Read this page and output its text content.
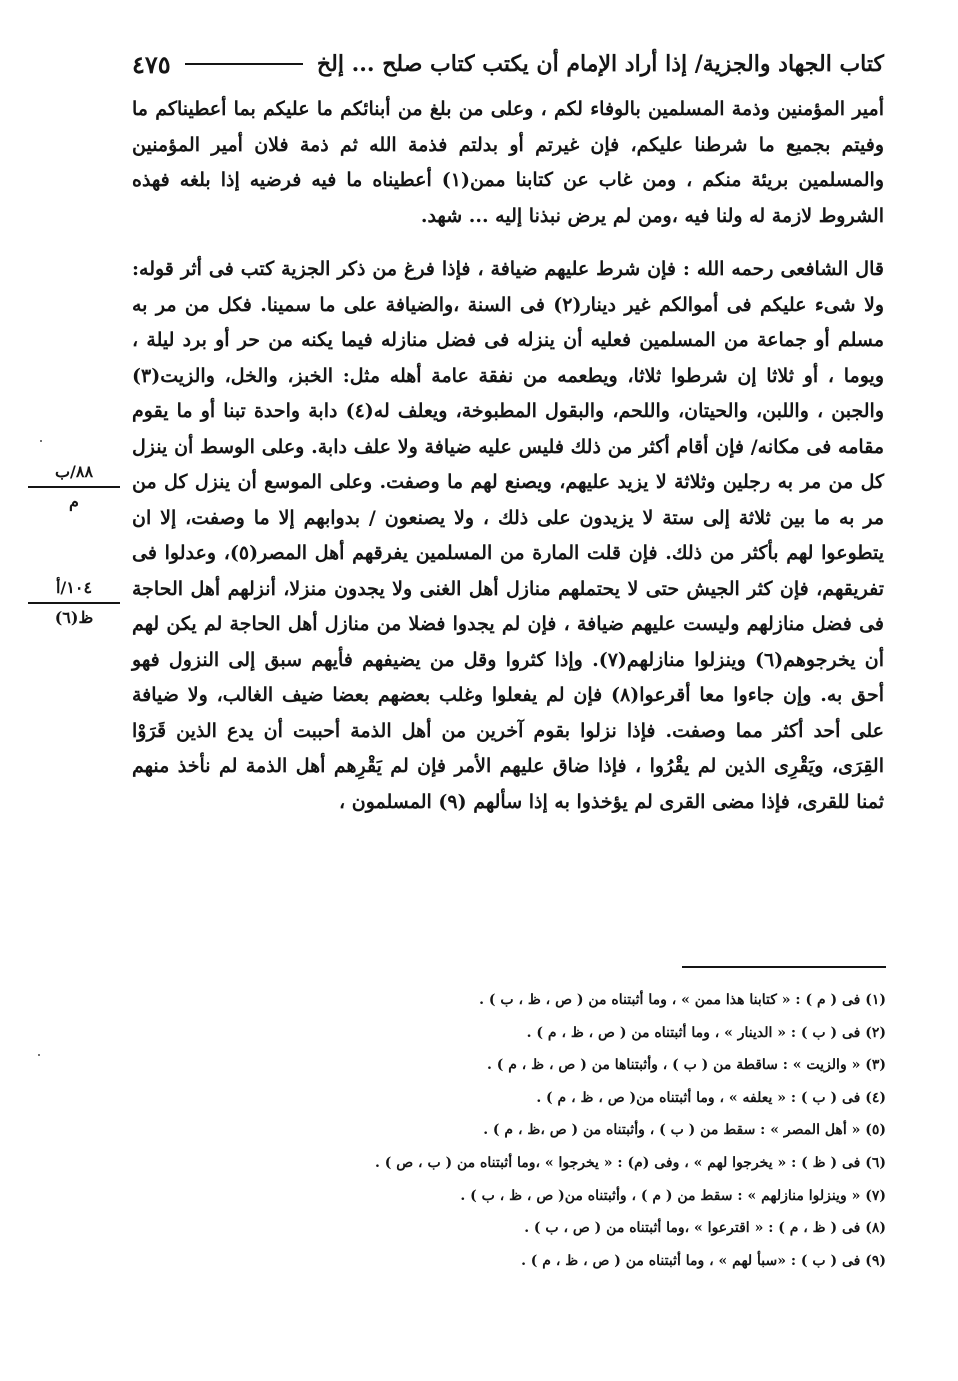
كتاب الجهاد والجزية/ إذا أراد الإمام أن يكتب كتاب صلح ... إلخ
٤٧٥

أمير المؤمنين وذمة المسلمين بالوفاء لكم ، وعلى من بلغ من أبنائكم ما عليكم بما أعطيناكم ما وفيتم بجميع ما شرطنا عليكم، فإن غيرتم أو بدلتم فذمة الله ثم ذمة فلان أمير المؤمنين والمسلمين بريئة منكم ، ومن غاب عن كتابنا ممن(١) أعطيناه ما فيه فرضيه إذا بلغه فهذه الشروط لازمة له ولنا فيه ،ومن لم يرض نبذنا إليه ... شهد.

قال الشافعى رحمه الله : فإن شرط عليهم ضيافة ، فإذا فرغ من ذكر الجزية كتب فى أثر قوله: ولا شىء عليكم فى أموالكم غير دينار(٢) فى السنة ،والضيافة على ما سمينا. فكل من مر به مسلم أو جماعة من المسلمين فعليه أن ينزله فى فضل منازله فيما يكنه من حر أو برد ليلة ، ويوما ، أو ثلاثا إن شرطوا ثلاثا، ويطعمه من نفقة عامة أهله مثل: الخبز، والخل، والزيت(٣) والجبن ، واللبن، والحيتان، واللحم، والبقول المطبوخة، ويعلف له(٤) دابة واحدة تبنا أو ما يقوم مقامه فى مكانه/ فإن أقام أكثر من ذلك فليس عليه ضيافة ولا علف دابة. وعلى الوسط أن ينزل كل من مر به رجلين وثلاثة لا يزيد عليهم، ويصنع لهم ما وصفت. وعلى الموسع أن ينزل كل من مر به ما بين ثلاثة إلى ستة لا يزيدون على ذلك ، ولا يصنعون / بدوابهم إلا ما وصفت، إلا ان يتطوعوا لهم بأكثر من ذلك. فإن قلت المارة من المسلمين يفرقهم أهل المصر(٥)، وعدلوا فى تفريقهم، فإن كثر الجيش حتى لا يحتملهم منازل أهل الغنى ولا يجدون منزلا، أنزلهم أهل الحاجة فى فضل منازلهم وليست عليهم ضيافة ، فإن لم يجدوا فضلا من منازل أهل الحاجة لم يكن لهم أن يخرجوهم(٦) وينزلوا منازلهم(٧). وإذا كثروا وقل من يضيفهم فأيهم سبق إلى النزول فهو أحق به. وإن جاءوا معا أقرعوا(٨) فإن لم يفعلوا وغلب بعضهم بعضا ضيف الغالب، ولا ضيافة على أحد أكثر مما وصفت. فإذا نزلوا بقوم آخرين من أهل الذمة أحببت أن يدع الذين قَرَوْا القِرَى، ويَقْرِى الذين لم يقْرُوا ، فإذا ضاق عليهم الأمر فإن لم يَقْرِهم أهل الذمة لم نأخذ منهم ثمنا للقرى، فإذا مضى القرى لم يؤخذوا به إذا سألهم (٩) المسلمون ،

٨٨/ب
م
١٠٤/أ
ظ(٦)
(١) فى ( م ) : « كتابنا هذا ممن » ، وما أثبتناه من ( ص ، ظ ، ب ) .
(٢) فى ( ب ) : « الدينار » ، وما أثبتناه من ( ص ، ظ ، م ) .
(٣) « والزيت » : ساقطة من ( ب ) ، وأثبتناها من ( ص ، ظ ، م ) .
(٤) فى ( ب ) : « يعلفه » ، وما أثبتناه من( ص ، ظ ، م ) .
(٥) « أهل المصر » : سقط من ( ب ) ، وأثبتناه من ( ص ،ظ ، م ) .
(٦) فى ( ظ ) : « يخرجوا لهم » ، وفى (م) : « يخرجوا » ،وما أثبتناه من ( ب ، ص ) .
(٧) « وينزلوا منازلهم » : سقط من ( م ) ، وأثبتناه من( ص ، ظ ، ب ) .
(٨) فى ( ظ ، م ) : « اقترعوا » ،وما أثبتناه من ( ص ، ب ) .
(٩) فى ( ب ) : «سبأ لهم » ، وما أثبتناه من ( ص ، ظ ، م ) .
